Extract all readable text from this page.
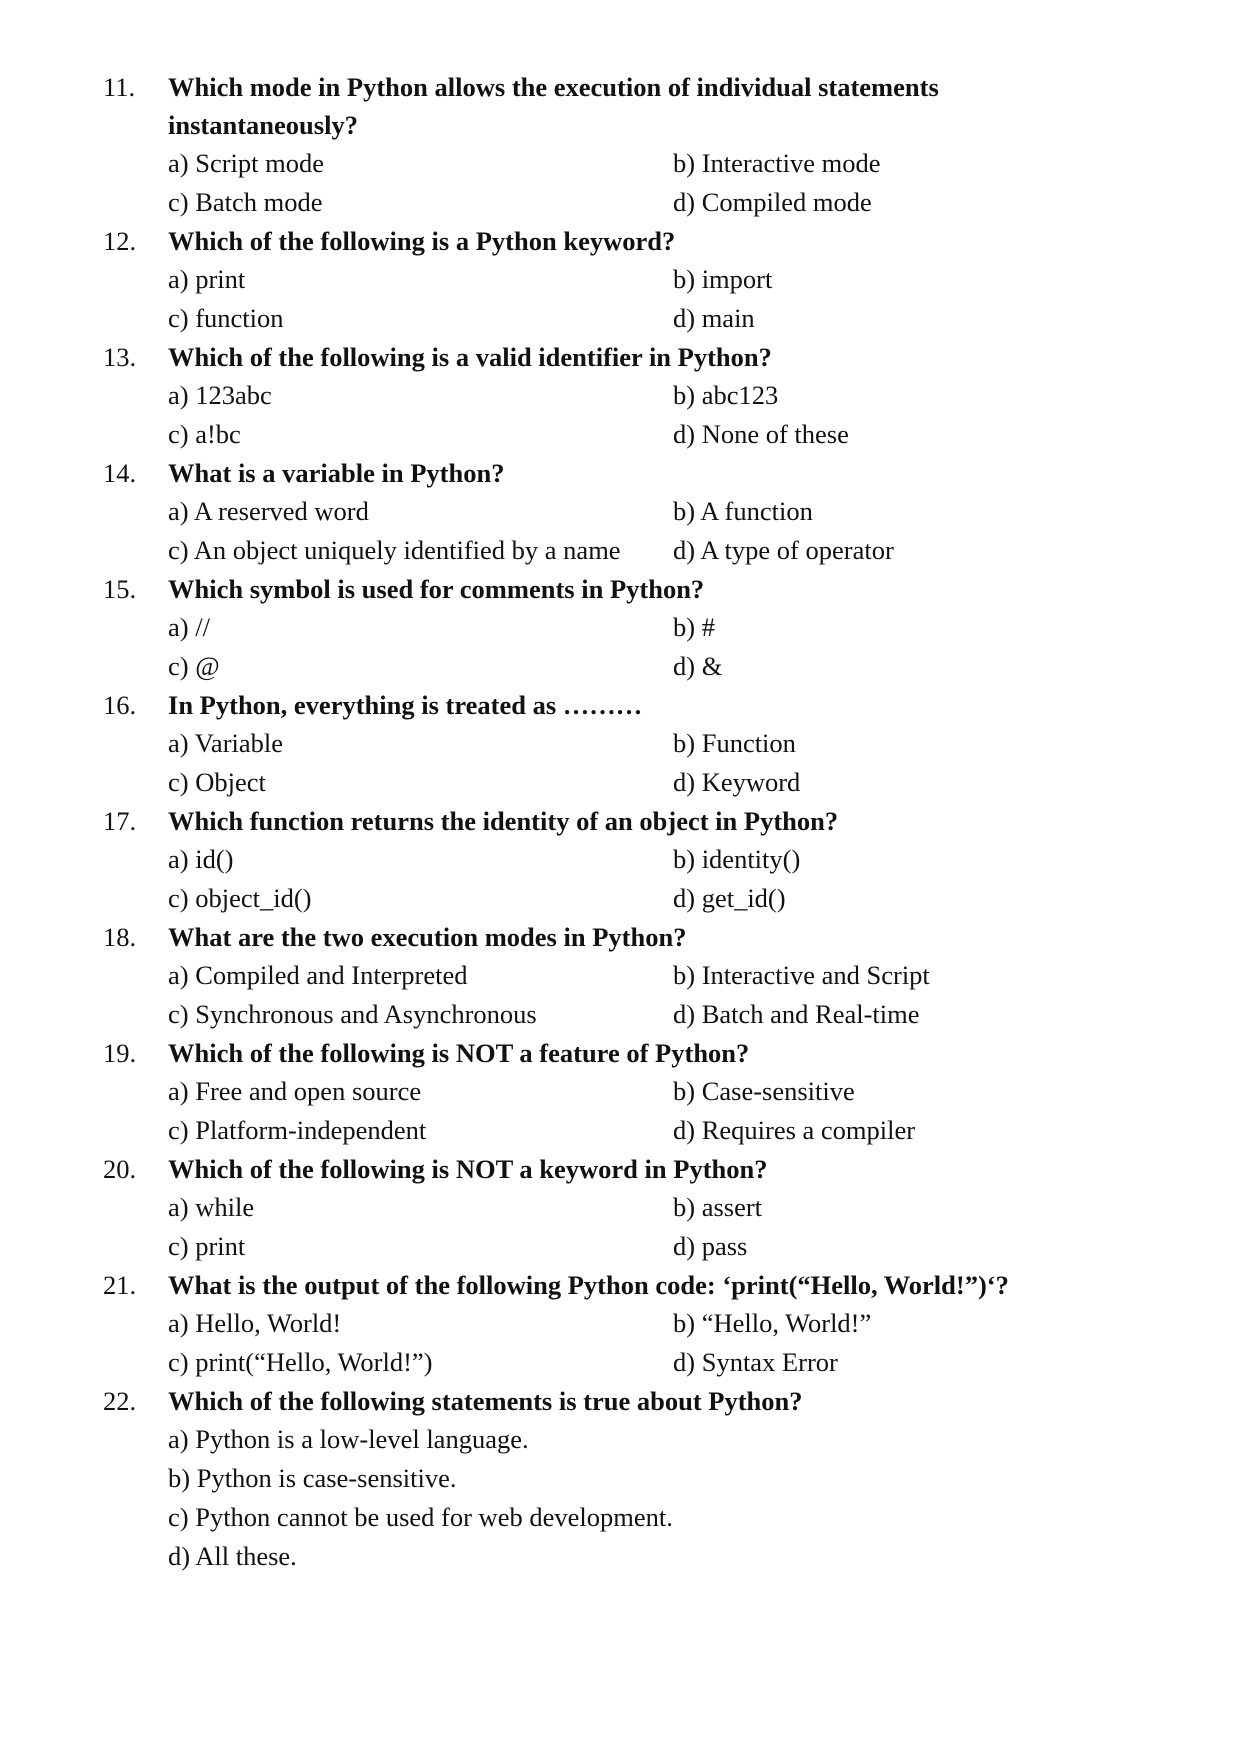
11.	Which mode in Python allows the execution of individual statements instantaneously?
a) Script mode	b) Interactive mode
c) Batch mode	d) Compiled mode
12.	Which of the following is a Python keyword?
a) print	b) import
c) function	d) main
13.	Which of the following is a valid identifier in Python?
a) 123abc	b) abc123
c) a!bc	d) None of these
14.	What is a variable in Python?
a) A reserved word	b) A function
c) An object uniquely identified by a name	d) A type of operator
15.	Which symbol is used for comments in Python?
a) //	b) #
c) @	d) &
16.	In Python, everything is treated as ………
a) Variable	b) Function
c) Object	d) Keyword
17.	Which function returns the identity of an object in Python?
a) id()	b) identity()
c) object_id()	d) get_id()
18.	What are the two execution modes in Python?
a) Compiled and Interpreted	b) Interactive and Script
c) Synchronous and Asynchronous	d) Batch and Real-time
19.	Which of the following is NOT a feature of Python?
a) Free and open source	b) Case-sensitive
c) Platform-independent	d) Requires a compiler
20.	Which of the following is NOT a keyword in Python?
a) while	b) assert
c) print	d) pass
21.	What is the output of the following Python code: ‘print(“Hello, World!”)‘?
a) Hello, World!	b) “Hello, World!”
c) print(“Hello, World!”)	d) Syntax Error
22.	Which of the following statements is true about Python?
a) Python is a low-level language.
b) Python is case-sensitive.
c) Python cannot be used for web development.
d) All these.
